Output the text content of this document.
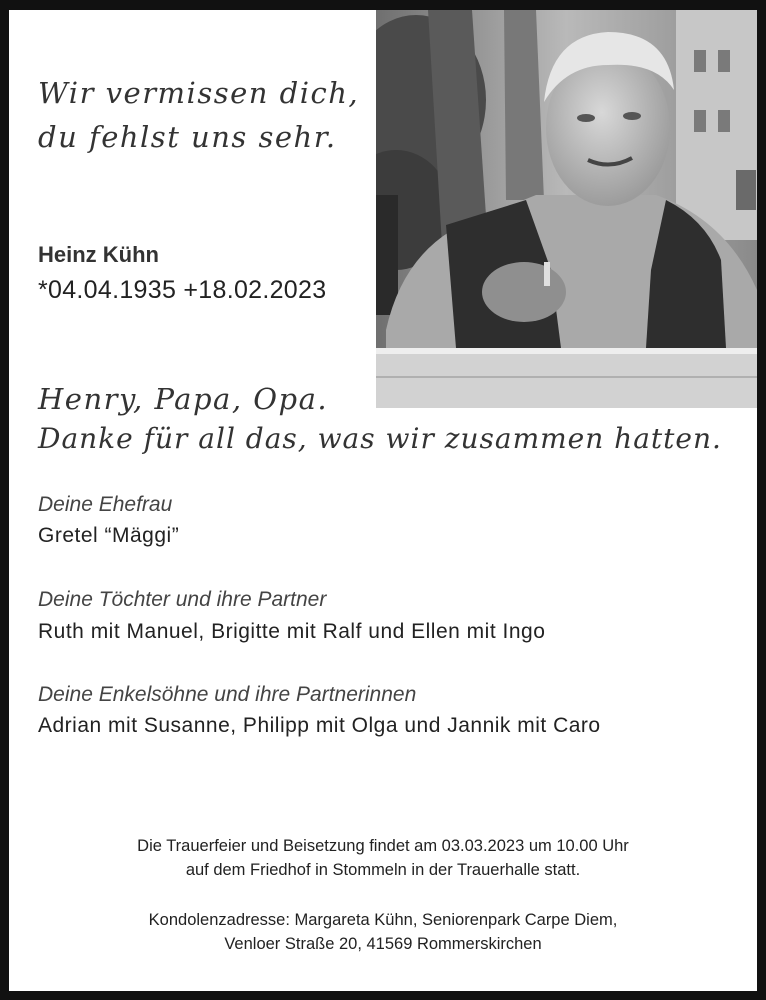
Wir vermissen dich,
du fehlst uns sehr.
Heinz Kühn
*04.04.1935 +18.02.2023
Henry, Papa, Opa.
Danke für all das, was wir zusammen hatten.
Deine Ehefrau
Gretel “Mäggi”
Deine Töchter und ihre Partner
Ruth mit Manuel, Brigitte mit Ralf und Ellen mit Ingo
Deine Enkelsöhne und ihre Partnerinnen
Adrian mit Susanne, Philipp mit Olga und Jannik mit Caro
Die Trauerfeier und Beisetzung findet am 03.03.2023 um 10.00 Uhr
auf dem Friedhof in Stommeln in der Trauerhalle statt.
Kondolenzadresse: Margareta Kühn, Seniorenpark Carpe Diem,
Venloer Straße 20, 41569 Rommerskirchen
